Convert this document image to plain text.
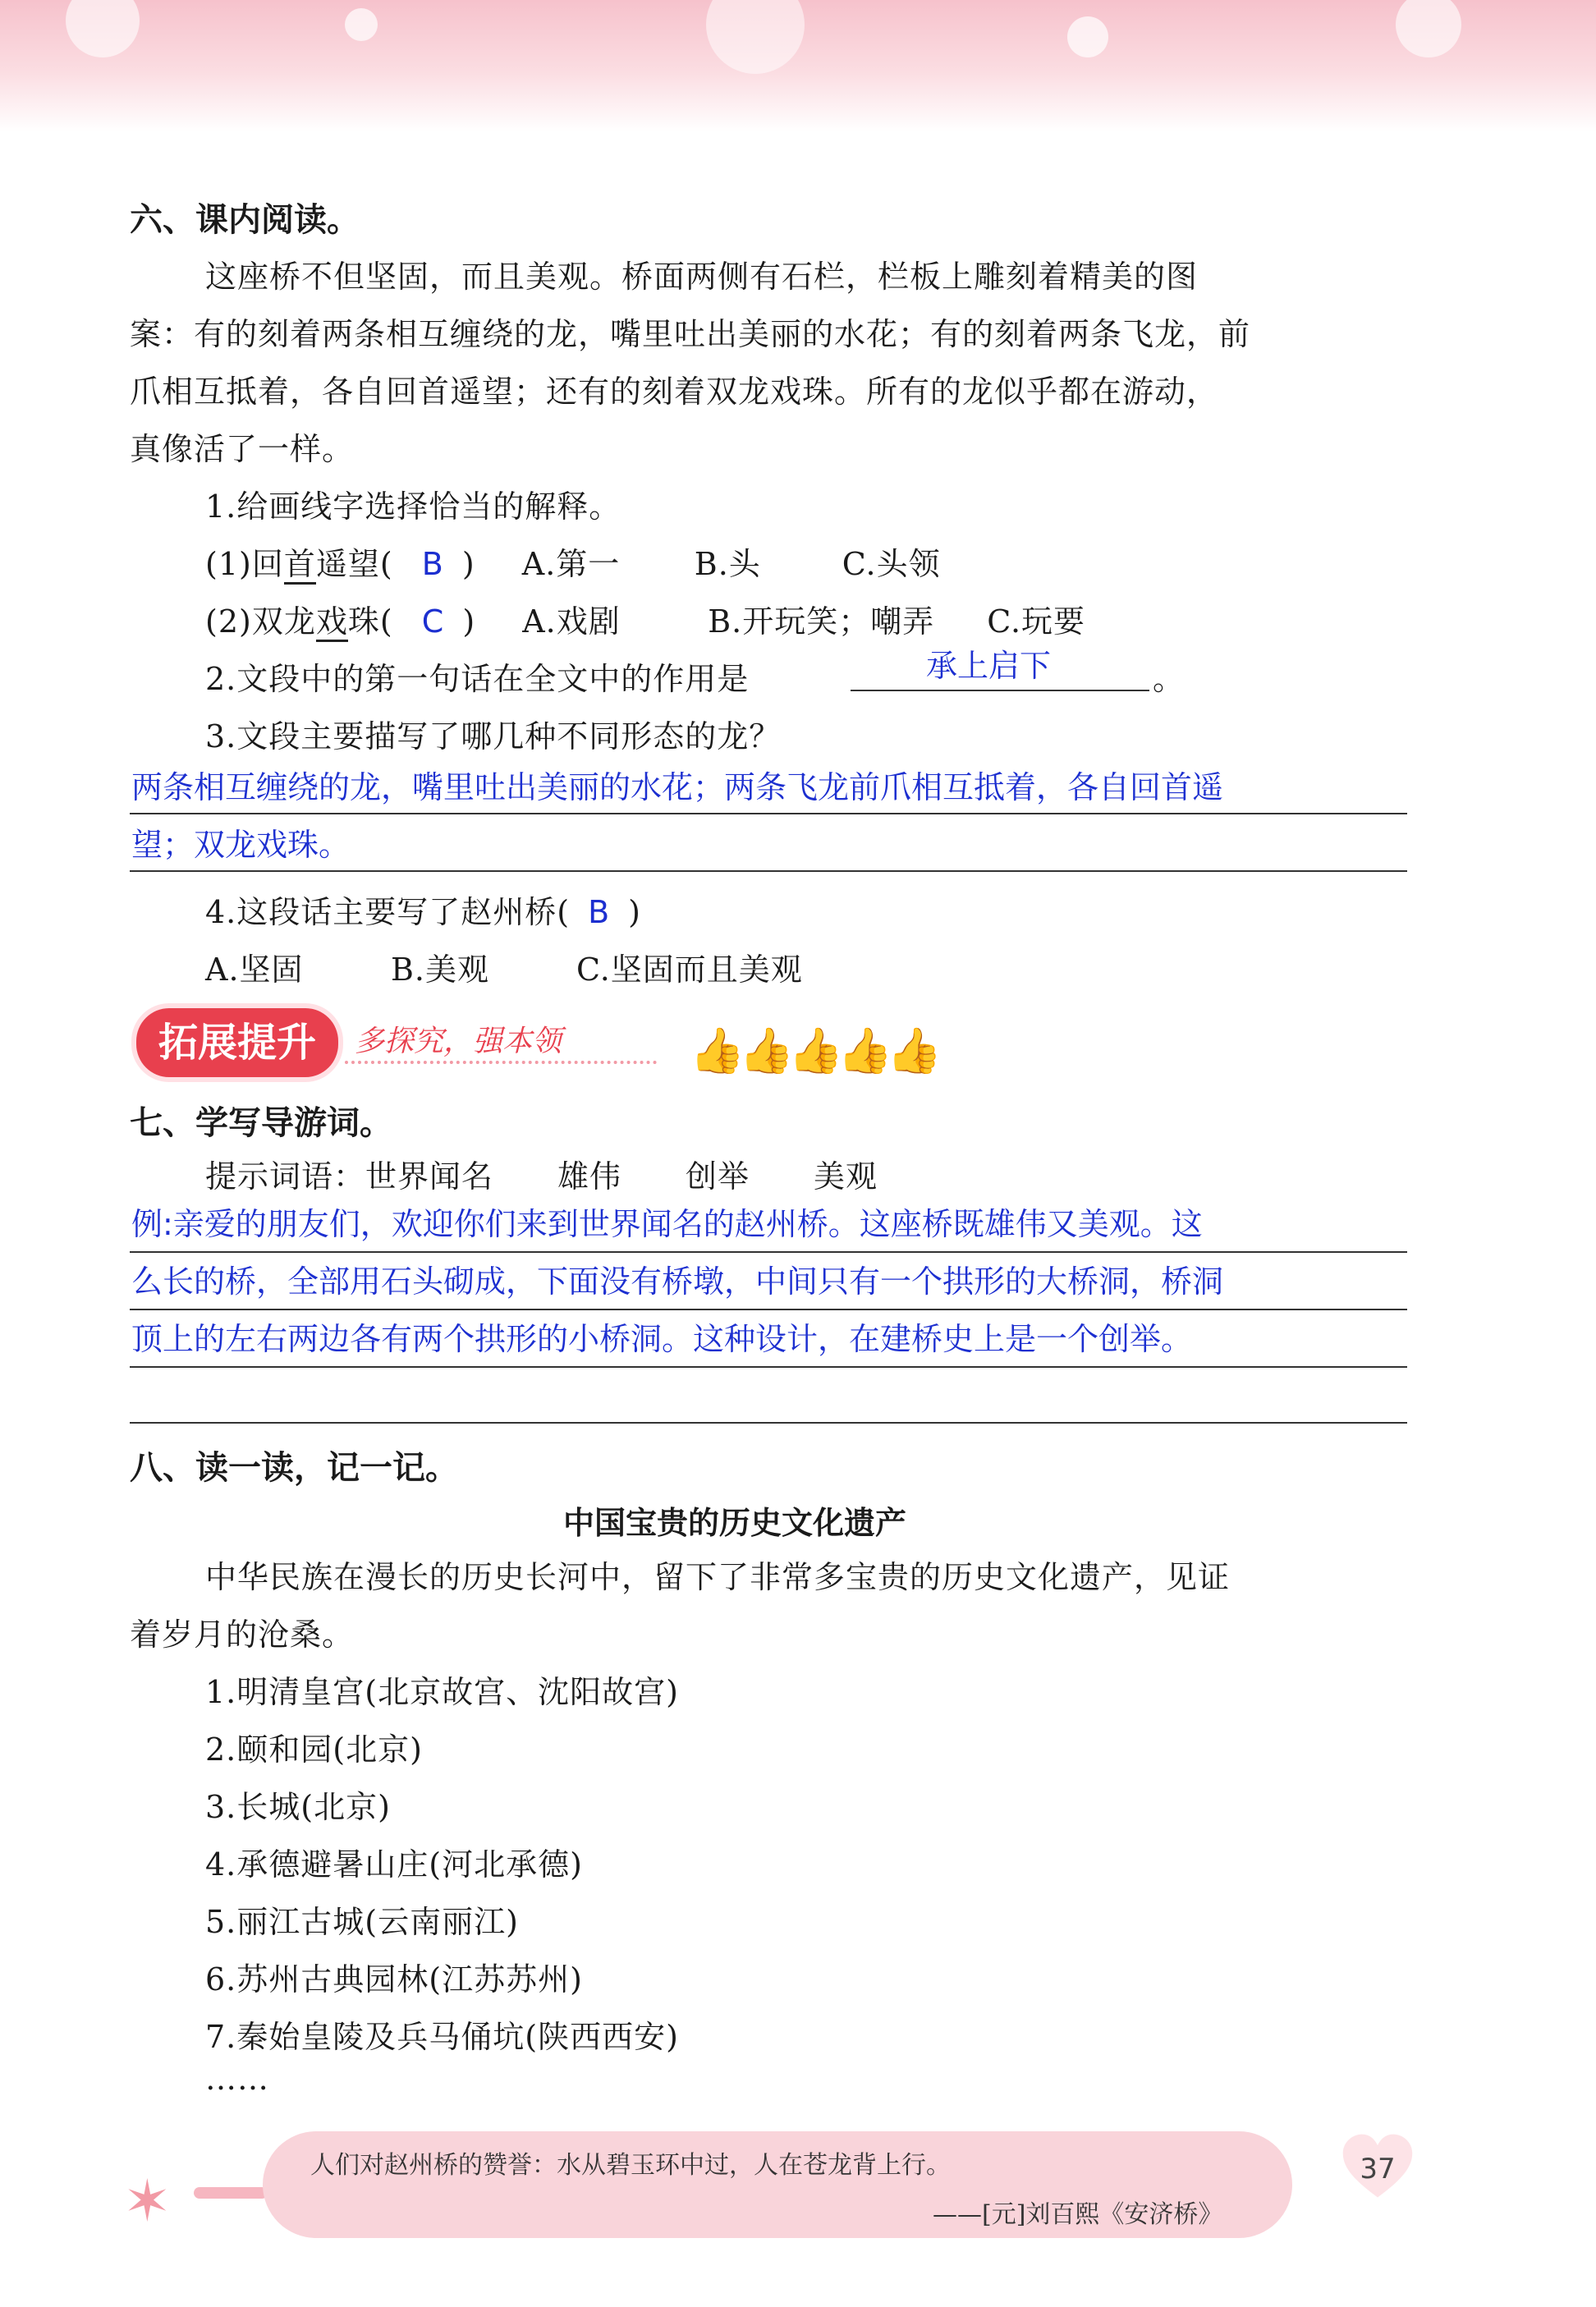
六、课内阅读。
这座桥不但坚固，而且美观。桥面两侧有石栏，栏板上雕刻着精美的图
案：有的刻着两条相互缠绕的龙，嘴里吐出美丽的水花；有的刻着两条飞龙，前
爪相互抵着，各自回首遥望；还有的刻着双龙戏珠。所有的龙似乎都在游动，
真像活了一样。
1.给画线字选择恰当的解释。
(1)回首遥望( B ) A.第一 B.头	C.头领
(2)双龙戏珠( C ) A.戏剧	B.开玩笑；嘲弄 C.玩要
2.文段中的第一句话在全文中的作用是	承上启下	。
3.文段主要描写了哪几种不同形态的龙？
两条相互缠绕的龙，嘴里吐出美丽的水花；两条飞龙前爪相互抵着，各自回首遥
望；双龙戏珠。
4.这段话主要写了赵州桥( B )
A.坚固	B.美观	C.坚固而且美观
拓展提升	多探究，强本领	👍
👍
👍
👍
👍
七、学写导游词。
提示词语：世界闻名　　雄伟　　创举　　美观
例:亲爱的朋友们，欢迎你们来到世界闻名的赵州桥。这座桥既雄伟又美观。这
么长的桥，全部用石头砌成，下面没有桥墩，中间只有一个拱形的大桥洞，桥洞
顶上的左右两边各有两个拱形的小桥洞。这种设计，在建桥史上是一个创举。
八、读一读，记一记。
中国宝贵的历史文化遗产
中华民族在漫长的历史长河中，留下了非常多宝贵的历史文化遗产，见证
着岁月的沧桑。
1.明清皇宫(北京故宫、沈阳故宫)
2.颐和园(北京)
3.长城(北京)
4.承德避暑山庄(河北承德)
5.丽江古城(云南丽江)
6.苏州古典园林(江苏苏州)
7.秦始皇陵及兵马俑坑(陕西西安)
……
✶
人们对赵州桥的赞誉：水从碧玉环中过，人在苍龙背上行。
——[元]刘百熙《安济桥》
37
